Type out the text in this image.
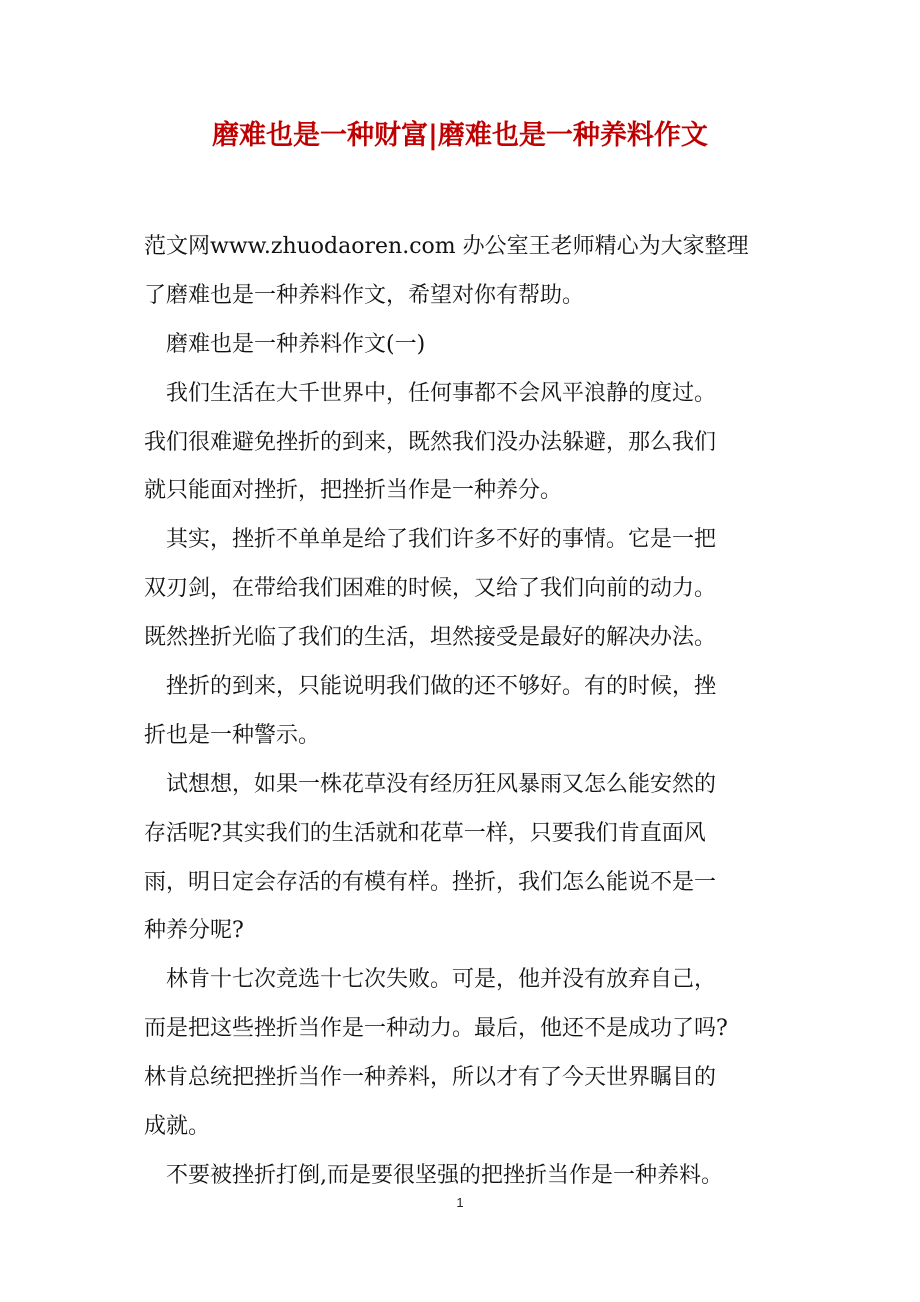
磨难也是一种财富|磨难也是一种养料作文
范文网www.zhuodaoren.com 办公室王老师精心为大家整理
了磨难也是一种养料作文，希望对你有帮助。
磨难也是一种养料作文(一)
我们生活在大千世界中，任何事都不会风平浪静的度过。
我们很难避免挫折的到来，既然我们没办法躲避，那么我们
就只能面对挫折，把挫折当作是一种养分。
其实，挫折不单单是给了我们许多不好的事情。它是一把
双刃剑，在带给我们困难的时候，又给了我们向前的动力。
既然挫折光临了我们的生活，坦然接受是最好的解决办法。
挫折的到来，只能说明我们做的还不够好。有的时候，挫
折也是一种警示。
试想想，如果一株花草没有经历狂风暴雨又怎么能安然的
存活呢?其实我们的生活就和花草一样，只要我们肯直面风
雨，明日定会存活的有模有样。挫折，我们怎么能说不是一
种养分呢?
林肯十七次竞选十七次失败。可是，他并没有放弃自己，
而是把这些挫折当作是一种动力。最后，他还不是成功了吗?
林肯总统把挫折当作一种养料，所以才有了今天世界瞩目的
成就。
不要被挫折打倒,而是要很坚强的把挫折当作是一种养料。
1
